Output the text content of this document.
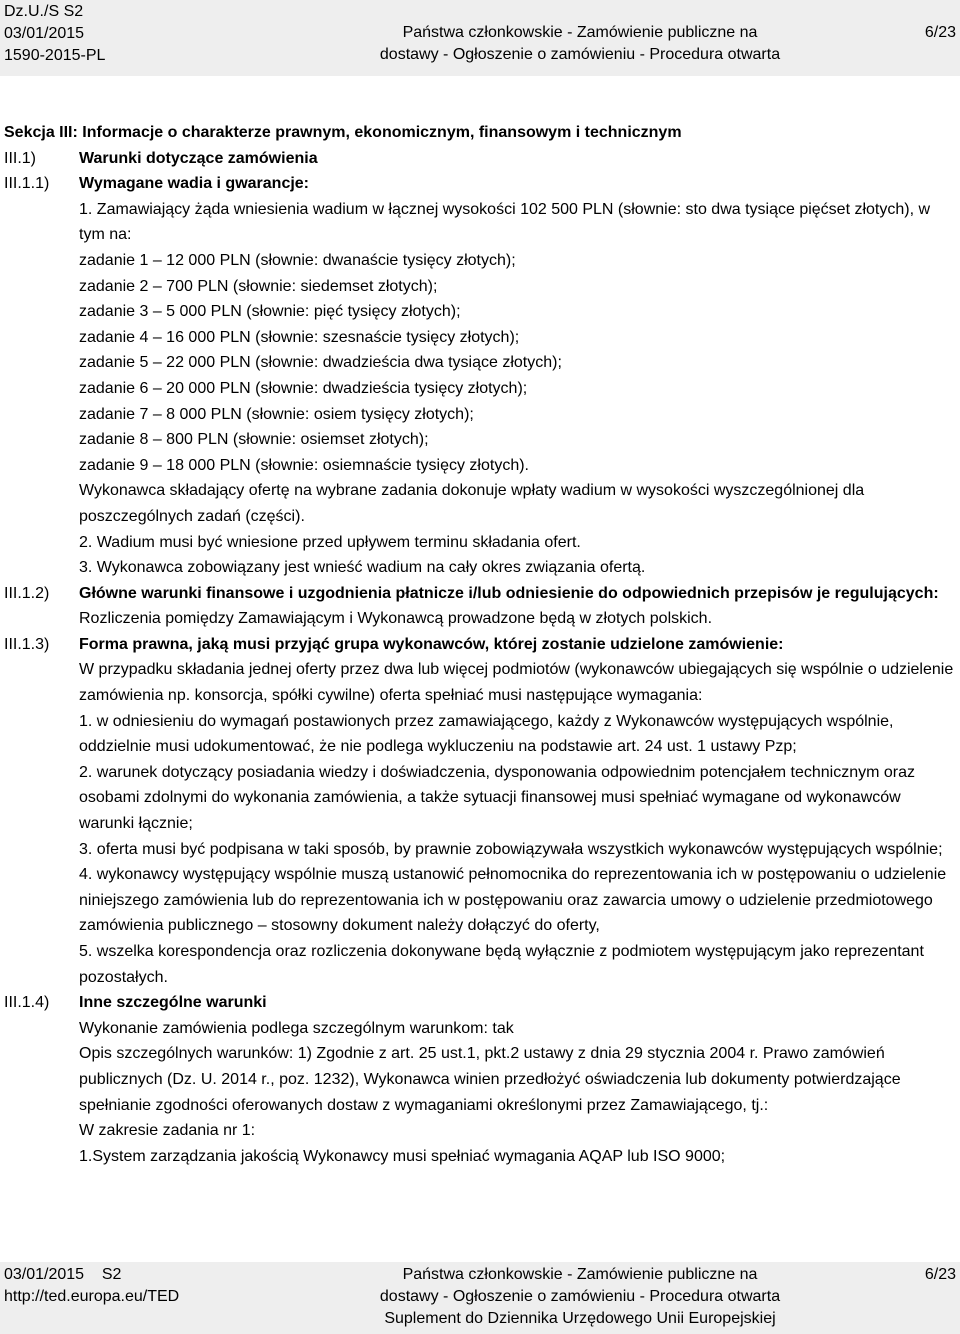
Dz.U./S S2
03/01/2015
1590-2015-PL
Państwa członkowskie - Zamówienie publiczne na
dostawy - Ogłoszenie o zamówieniu - Procedura otwarta
6/23
Sekcja III: Informacje o charakterze prawnym, ekonomicznym, finansowym i technicznym
III.1)	Warunki dotyczące zamówienia
III.1.1) Wymagane wadia i gwarancje:
1. Zamawiający żąda wniesienia wadium w łącznej wysokości 102 500 PLN (słownie: sto dwa tysiące pięćset złotych), w tym na:
zadanie 1 – 12 000 PLN (słownie: dwanaście tysięcy złotych);
zadanie 2 – 700 PLN (słownie: siedemset złotych);
zadanie 3 – 5 000 PLN (słownie: pięć tysięcy złotych);
zadanie 4 – 16 000 PLN (słownie: szesnaście tysięcy złotych);
zadanie 5 – 22 000 PLN (słownie: dwadzieścia dwa tysiące złotych);
zadanie 6 – 20 000 PLN (słownie: dwadzieścia tysięcy złotych);
zadanie 7 – 8 000 PLN (słownie: osiem tysięcy złotych);
zadanie 8 – 800 PLN (słownie: osiemset złotych);
zadanie 9 – 18 000 PLN (słownie: osiemnaście tysięcy złotych).
Wykonawca składający ofertę na wybrane zadania dokonuje wpłaty wadium w wysokości wyszczególnionej dla poszczególnych zadań (części).
2. Wadium musi być wniesione przed upływem terminu składania ofert.
3. Wykonawca zobowiązany jest wnieść wadium na cały okres związania ofertą.
III.1.2) Główne warunki finansowe i uzgodnienia płatnicze i/lub odniesienie do odpowiednich przepisów je regulujących:
Rozliczenia pomiędzy Zamawiającym i Wykonawcą prowadzone będą w złotych polskich.
III.1.3) Forma prawna, jaką musi przyjąć grupa wykonawców, której zostanie udzielone zamówienie:
W przypadku składania jednej oferty przez dwa lub więcej podmiotów (wykonawców ubiegających się wspólnie o udzielenie zamówienia np. konsorcja, spółki cywilne) oferta spełniać musi następujące wymagania:
1. w odniesieniu do wymagań postawionych przez zamawiającego, każdy z Wykonawców występujących wspólnie, oddzielnie musi udokumentować, że nie podlega wykluczeniu na podstawie art. 24 ust. 1 ustawy Pzp;
2. warunek dotyczący posiadania wiedzy i doświadczenia, dysponowania odpowiednim potencjałem technicznym oraz osobami zdolnymi do wykonania zamówienia, a także sytuacji finansowej musi spełniać wymagane od wykonawców warunki łącznie;
3. oferta musi być podpisana w taki sposób, by prawnie zobowiązywała wszystkich wykonawców występujących wspólnie;
4. wykonawcy występujący wspólnie muszą ustanowić pełnomocnika do reprezentowania ich w postępowaniu o udzielenie niniejszego zamówienia lub do reprezentowania ich w postępowaniu oraz zawarcia umowy o udzielenie przedmiotowego zamówienia publicznego – stosowny dokument należy dołączyć do oferty,
5. wszelka korespondencja oraz rozliczenia dokonywane będą wyłącznie z podmiotem występującym jako reprezentant pozostałych.
III.1.4) Inne szczególne warunki
Wykonanie zamówienia podlega szczególnym warunkom: tak
Opis szczególnych warunków: 1) Zgodnie z art. 25 ust.1, pkt.2 ustawy z dnia 29 stycznia 2004 r. Prawo zamówień publicznych (Dz. U. 2014 r., poz. 1232), Wykonawca winien przedłożyć oświadczenia lub dokumenty potwierdzające spełnianie zgodności oferowanych dostaw z wymaganiami określonymi przez Zamawiającego, tj.:
W zakresie zadania nr 1:
1.System zarządzania jakością Wykonawcy musi spełniać wymagania AQAP lub ISO 9000;
03/01/2015    S2
http://ted.europa.eu/TED
Państwa członkowskie - Zamówienie publiczne na
dostawy - Ogłoszenie o zamówieniu - Procedura otwarta
Suplement do Dziennika Urzędowego Unii Europejskiej
6/23
